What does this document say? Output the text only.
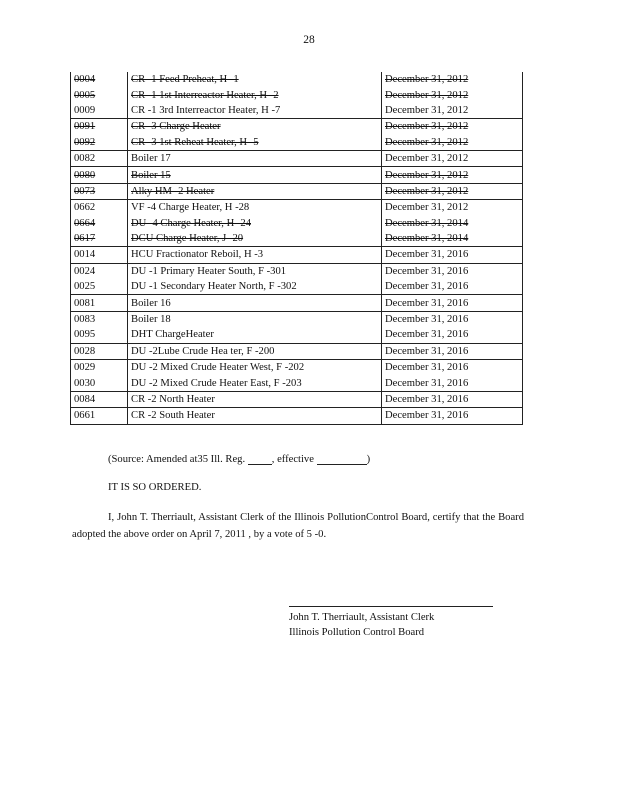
28
0004	CR -1 Feed Preheat, H -1	December 31, 2012
0005	CR -1 1st Interreactor Heater, H -2	December 31, 2012
0009	CR -1 3rd Interreactor Heater, H -7	December 31, 2012
0091	CR -3 Charge Heater	December 31, 2012
0092	CR -3 1st Reheat Heater, H -5	December 31, 2012
0082	Boiler 17	December 31, 2012
0080	Boiler 15	December 31, 2012
0073	Alky HM -2 Heater	December 31, 2012
0662	VF -4 Charge Heater, H -28	December 31, 2012
0664	DU -4 Charge Heater, H -24	December 31, 2014
0617	DCU Charge Heater, J -20	December 31, 2014
0014	HCU Fractionator Reboil, H -3	December 31, 2016
0024	DU -1 Primary Heater South, F -301	December 31, 2016
0025	DU -1 Secondary Heater North, F -302	December 31, 2016
0081	Boiler 16	December 31, 2016
0083	Boiler 18	December 31, 2016
0095	DHT ChargeHeater	December 31, 2016
0028	DU -2Lube Crude Hea ter, F -200	December 31, 2016
0029	DU -2 Mixed Crude Heater West, F -202	December 31, 2016
0030	DU -2 Mixed Crude Heater East, F -203	December 31, 2016
0084	CR -2 North Heater	December 31, 2016
0661	CR -2 South Heater	December 31, 2016
(Source: Amended at35 Ill. Reg.	, effective	)
IT IS SO ORDERED.

I, John T. Therriault, Assistant Clerk of the Illinois PollutionControl Board, certify that the Board adopted the above order on April 7, 2011 , by a vote of 5 -0.

John T. Therriault, Assistant Clerk
Illinois Pollution Control Board
